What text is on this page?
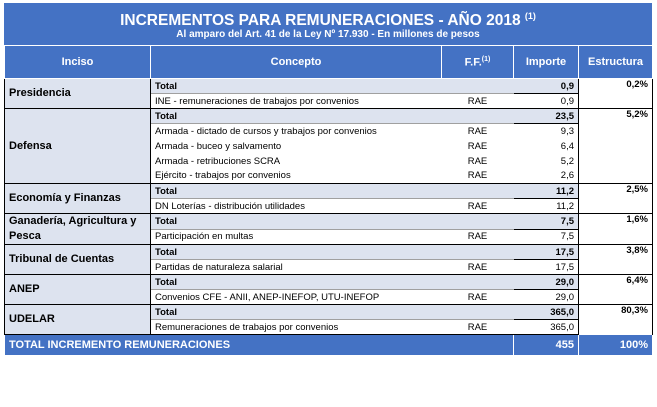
INCREMENTOS PARA REMUNERACIONES - AÑO 2018 $^{(1)}$
Al amparo del Art. 41 de la Ley Nº 17.930 - En millones de pesos
Inciso	Concepto	F.F.$^{(1)}$	Importe	Estructura
Presidencia	Total		0,9	0,2%
	INE - remuneraciones de trabajos por convenios	RAE	0,9	
Defensa	Total		23,5	5,2%
	Armada - dictado de cursos y trabajos por convenios	RAE	9,3	
	Armada - buceo y salvamento	RAE	6,4	
	Armada - retribuciones SCRA	RAE	5,2	
	Ejército - trabajos por convenios	RAE	2,6	
Economía y Finanzas	Total		11,2	2,5%
	DN Loterías - distribución utilidades	RAE	11,2	
Ganadería, Agricultura y Pesca	Total		7,5	1,6%
	Participación en multas	RAE	7,5	
Tribunal de Cuentas	Total		17,5	3,8%
	Partidas de naturaleza salarial	RAE	17,5	
ANEP	Total		29,0	6,4%
	Convenios CFE - ANII, ANEP-INEFOP, UTU-INEFOP	RAE	29,0	
UDELAR	Total		365,0	80,3%
	Remuneraciones de trabajos por convenios	RAE	365,0	
TOTAL INCREMENTO REMUNERACIONES			455	100%
